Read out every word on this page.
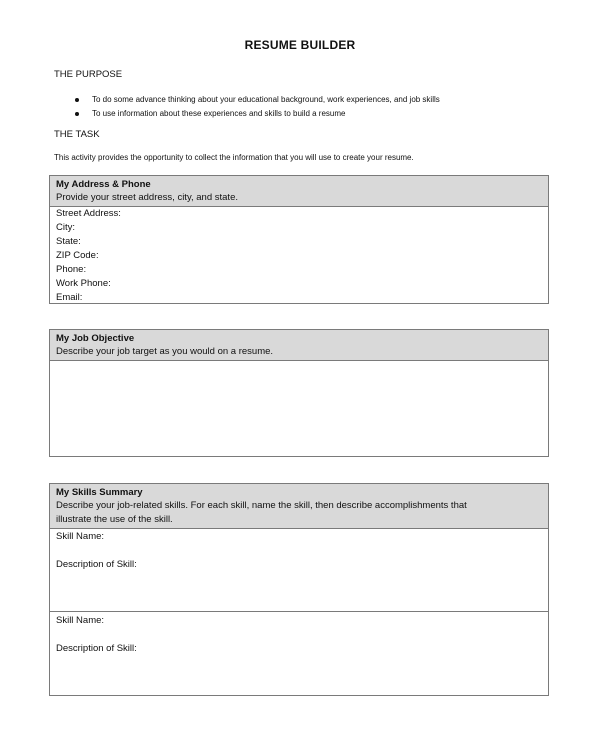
RESUME BUILDER
THE PURPOSE
To do some advance thinking about your educational background, work experiences, and job skills
To use information about these experiences and skills to build a resume
THE TASK
This activity provides the opportunity to collect the information that you will use to create your resume.
My Address & Phone
Provide your street address, city, and state.
Street Address:
City:
State:
ZIP Code:
Phone:
Work Phone:
Email:
My Job Objective
Describe your job target as you would on a resume.
My Skills Summary
Describe your job-related skills. For each skill, name the skill, then describe accomplishments that
illustrate the use of the skill.
Skill Name:
Description of Skill:
Skill Name:
Description of Skill:
